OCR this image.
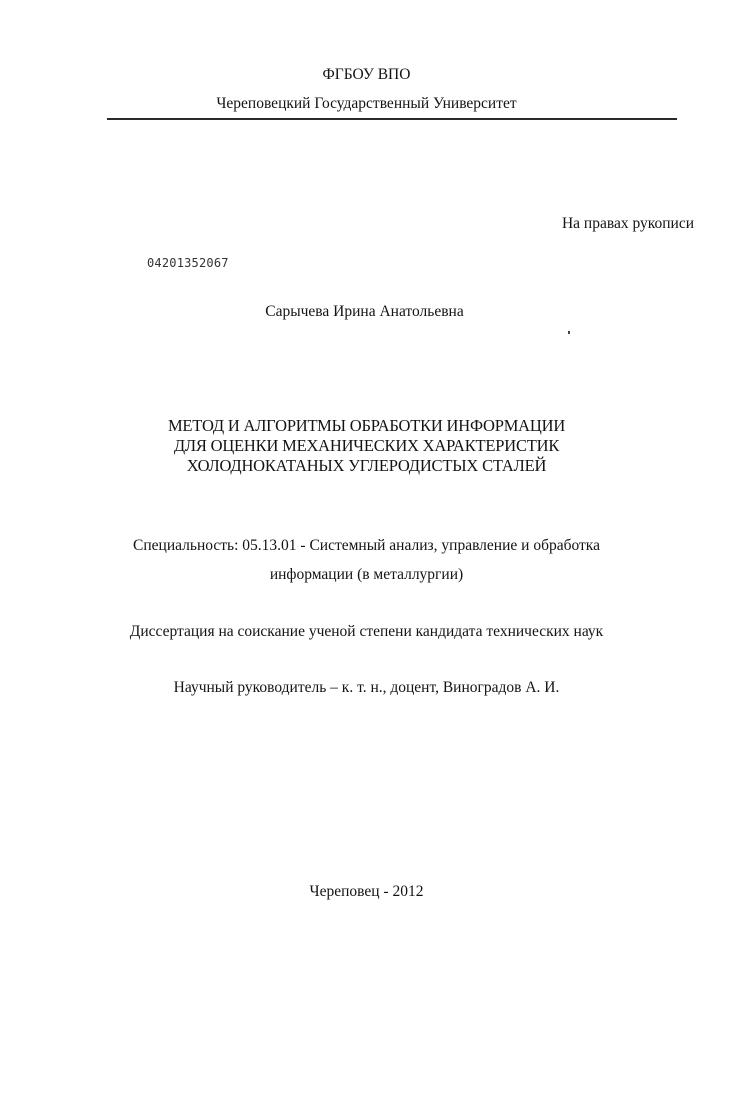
ФГБОУ ВПО
Череповецкий Государственный Университет
На правах рукописи
04201352067
Сарычева Ирина Анатольевна
МЕТОД И АЛГОРИТМЫ ОБРАБОТКИ ИНФОРМАЦИИ
ДЛЯ ОЦЕНКИ МЕХАНИЧЕСКИХ ХАРАКТЕРИСТИК
ХОЛОДНОКАТАНЫХ УГЛЕРОДИСТЫХ СТАЛЕЙ
Специальность: 05.13.01 - Системный анализ, управление и обработка
информации (в металлургии)
Диссертация на соискание ученой степени кандидата технических наук
Научный руководитель – к. т. н., доцент, Виноградов А. И.
Череповец - 2012
